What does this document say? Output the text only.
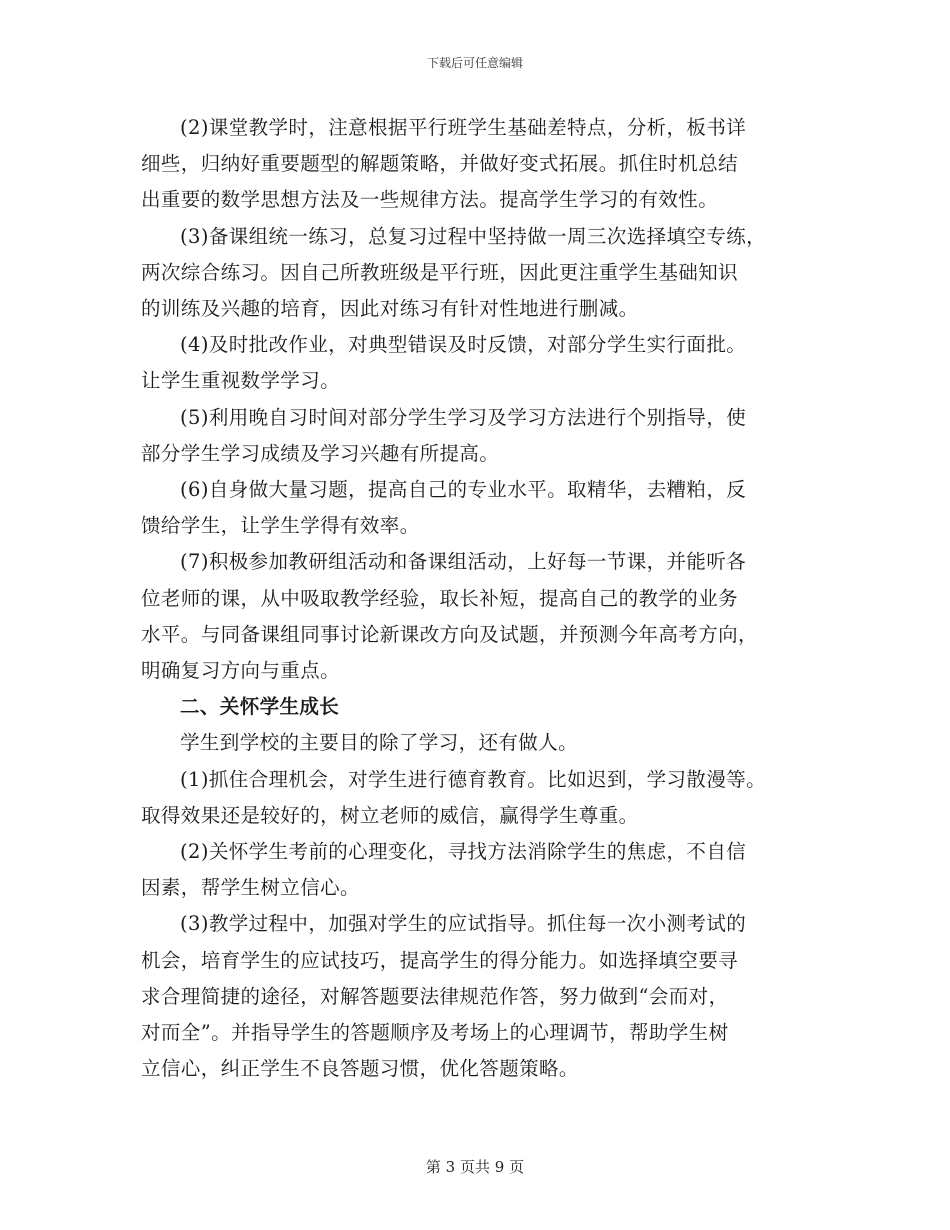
下载后可任意编辑

(2)课堂教学时，注意根据平行班学生基础差特点，分析，板书详
细些，归纳好重要题型的解题策略，并做好变式拓展。抓住时机总结
出重要的数学思想方法及一些规律方法。提高学生学习的有效性。

(3)备课组统一练习，总复习过程中坚持做一周三次选择填空专练，
两次综合练习。因自己所教班级是平行班，因此更注重学生基础知识
的训练及兴趣的培育，因此对练习有针对性地进行删减。

(4)及时批改作业，对典型错误及时反馈，对部分学生实行面批。
让学生重视数学学习。

(5)利用晚自习时间对部分学生学习及学习方法进行个别指导，使
部分学生学习成绩及学习兴趣有所提高。

(6)自身做大量习题，提高自己的专业水平。取精华，去糟粕，反
馈给学生，让学生学得有效率。

(7)积极参加教研组活动和备课组活动，上好每一节课，并能听各
位老师的课，从中吸取教学经验，取长补短，提高自己的教学的业务
水平。与同备课组同事讨论新课改方向及试题，并预测今年高考方向，
明确复习方向与重点。

二、关怀学生成长

学生到学校的主要目的除了学习，还有做人。

(1)抓住合理机会，对学生进行德育教育。比如迟到，学习散漫等。
取得效果还是较好的，树立老师的威信，赢得学生尊重。

(2)关怀学生考前的心理变化，寻找方法消除学生的焦虑，不自信
因素，帮学生树立信心。

(3)教学过程中，加强对学生的应试指导。抓住每一次小测考试的
机会，培育学生的应试技巧，提高学生的得分能力。如选择填空要寻
求合理简捷的途径，对解答题要法律规范作答，努力做到“会而对，
对而全”。并指导学生的答题顺序及考场上的心理调节，帮助学生树
立信心，纠正学生不良答题习惯，优化答题策略。

第 3 页共 9 页
